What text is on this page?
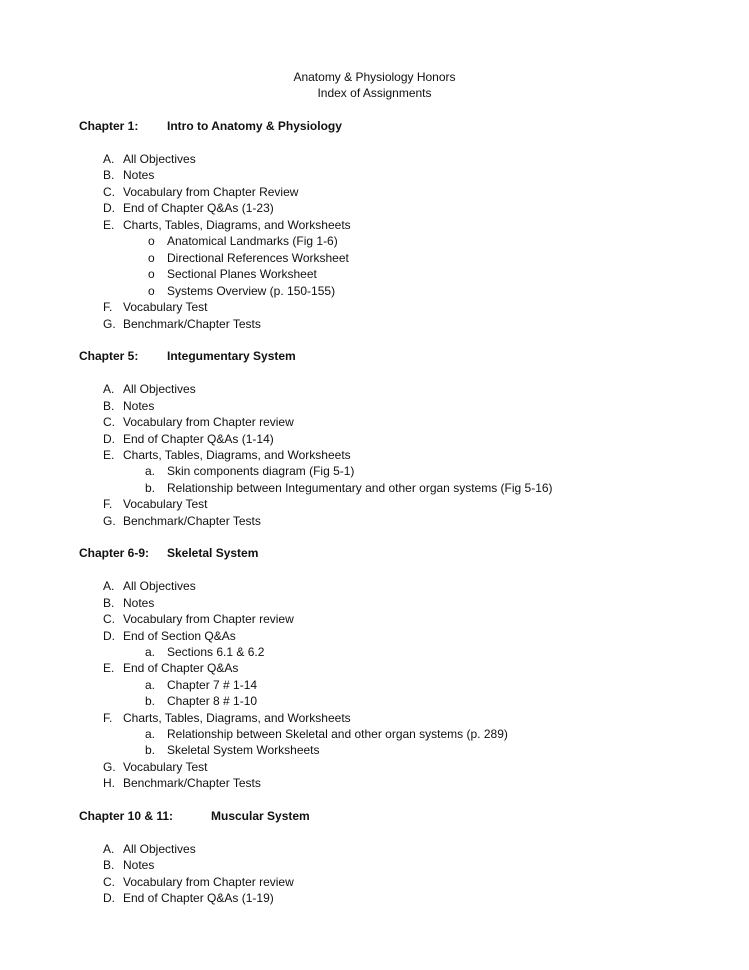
Anatomy & Physiology Honors
Index of Assignments
Chapter 1: Intro to Anatomy & Physiology
A. All Objectives
B. Notes
C. Vocabulary from Chapter Review
D. End of Chapter Q&As (1-23)
E. Charts, Tables, Diagrams, and Worksheets
o Anatomical Landmarks (Fig 1-6)
o Directional References Worksheet
o Sectional Planes Worksheet
o Systems Overview (p. 150-155)
F. Vocabulary Test
G. Benchmark/Chapter Tests
Chapter 5: Integumentary System
A. All Objectives
B. Notes
C. Vocabulary from Chapter review
D. End of Chapter Q&As (1-14)
E. Charts, Tables, Diagrams, and Worksheets
a. Skin components diagram (Fig 5-1)
b. Relationship between Integumentary and other organ systems (Fig 5-16)
F. Vocabulary Test
G. Benchmark/Chapter Tests
Chapter 6-9: Skeletal System
A. All Objectives
B. Notes
C. Vocabulary from Chapter review
D. End of Section Q&As
a. Sections 6.1 & 6.2
E. End of Chapter Q&As
a. Chapter 7 # 1-14
b. Chapter 8 # 1-10
F. Charts, Tables, Diagrams, and Worksheets
a. Relationship between Skeletal and other organ systems (p. 289)
b. Skeletal System Worksheets
G. Vocabulary Test
H. Benchmark/Chapter Tests
Chapter 10 & 11:	Muscular System
A. All Objectives
B. Notes
C. Vocabulary from Chapter review
D. End of Chapter Q&As (1-19)
